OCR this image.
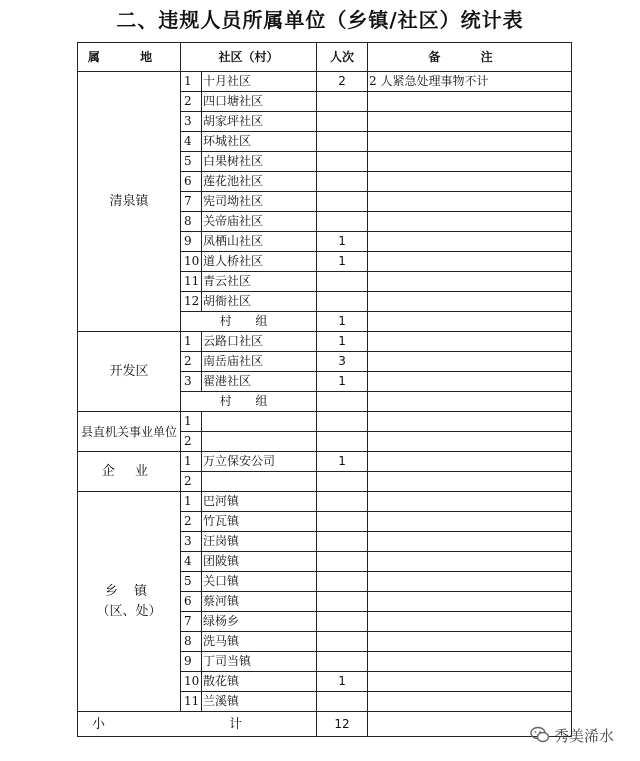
二、违规人员所属单位（乡镇/社区）统计表
属 地	社区（村）		人次	备 注
清泉镇	1	十月社区	2	2 人紧急处理事物不计
	2	四口塘社区		
	3	胡家坪社区		
	4	环城社区		
	5	白果树社区		
	6	莲花池社区		
	7	宪司坳社区		
	8	关帝庙社区		
	9	凤栖山社区	1	
	10	道人桥社区	1	
	11	青云社区		
	12	胡衙社区		
	村 组		1	
开发区	1	云路口社区	1	
	2	南岳庙社区	3	
	3	翟港社区	1	
	村 组			
县直机关事业单位	1			
	2			
企 业	1	万立保安公司	1	
	2			

乡 镇
（区、处）	1	巴河镇		
	2	竹瓦镇		
	3	汪岗镇		
	4	团陂镇		
	5	关口镇		
	6	蔡河镇		
	7	绿杨乡		
	8	洗马镇		
	9	丁司当镇		
	10	散花镇	1	
	11	兰溪镇		
小 计			12	
秀美浠水
